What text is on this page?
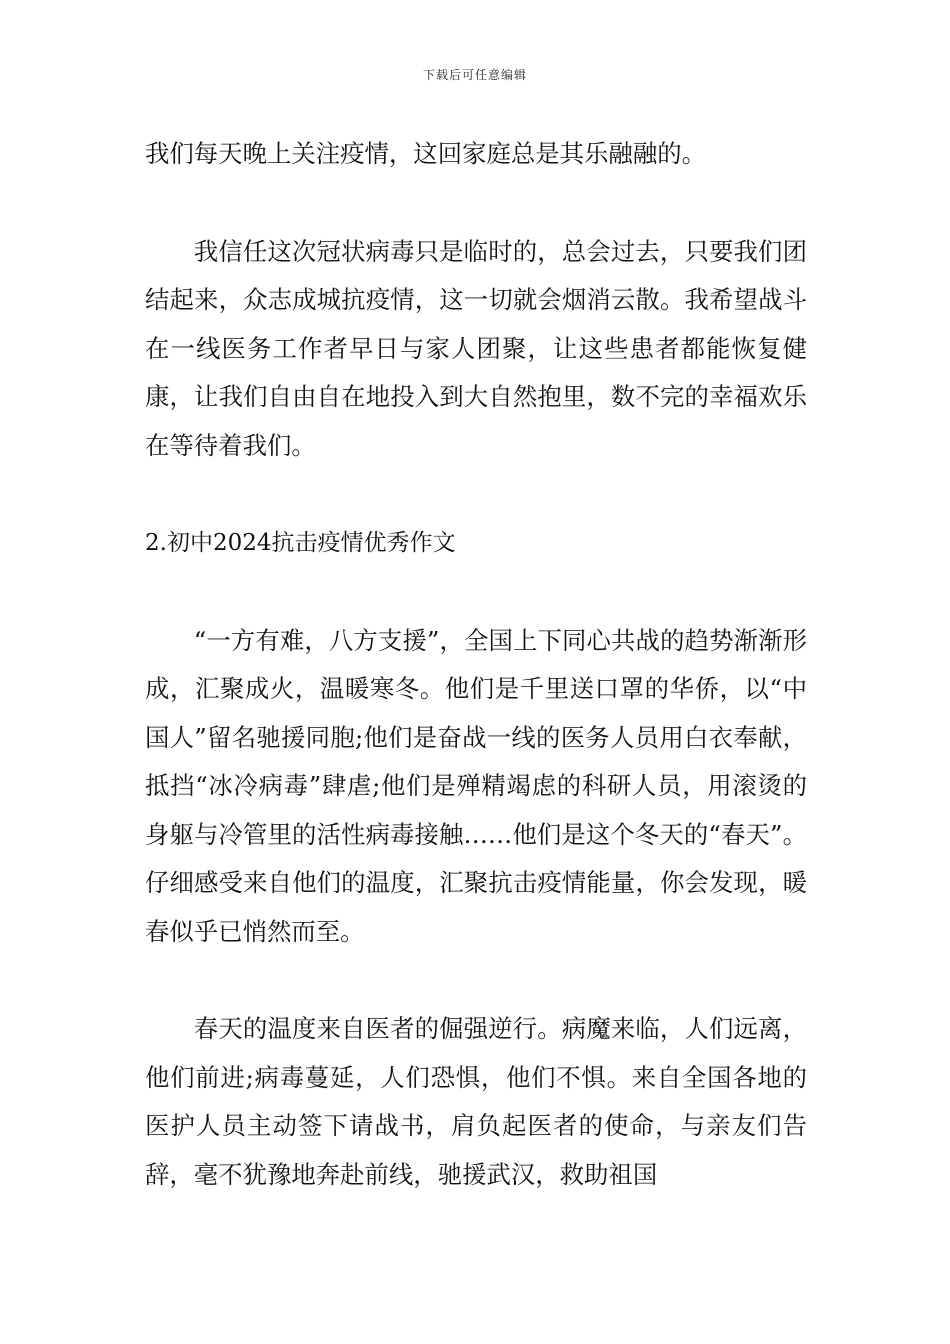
下载后可任意编辑

我们每天晚上关注疫情，这回家庭总是其乐融融的。

我信任这次冠状病毒只是临时的，总会过去，只要我们团结起来，众志成城抗疫情，这一切就会烟消云散。我希望战斗在一线医务工作者早日与家人团聚，让这些患者都能恢复健康，让我们自由自在地投入到大自然抱里，数不完的幸福欢乐在等待着我们。

2.初中2024抗击疫情优秀作文

“一方有难，八方支援”，全国上下同心共战的趋势渐渐形成，汇聚成火，温暖寒冬。他们是千里送口罩的华侨，以“中国人”留名驰援同胞;他们是奋战一线的医务人员用白衣奉献，抵挡“冰冷病毒”肆虐;他们是殚精竭虑的科研人员，用滚烫的身躯与冷管里的活性病毒接触……他们是这个冬天的“春天”。仔细感受来自他们的温度，汇聚抗击疫情能量，你会发现，暖春似乎已悄然而至。

春天的温度来自医者的倔强逆行。病魔来临，人们远离，他们前进;病毒蔓延，人们恐惧，他们不惧。来自全国各地的医护人员主动签下请战书，肩负起医者的使命，与亲友们告辞，毫不犹豫地奔赴前线，驰援武汉，救助祖国
